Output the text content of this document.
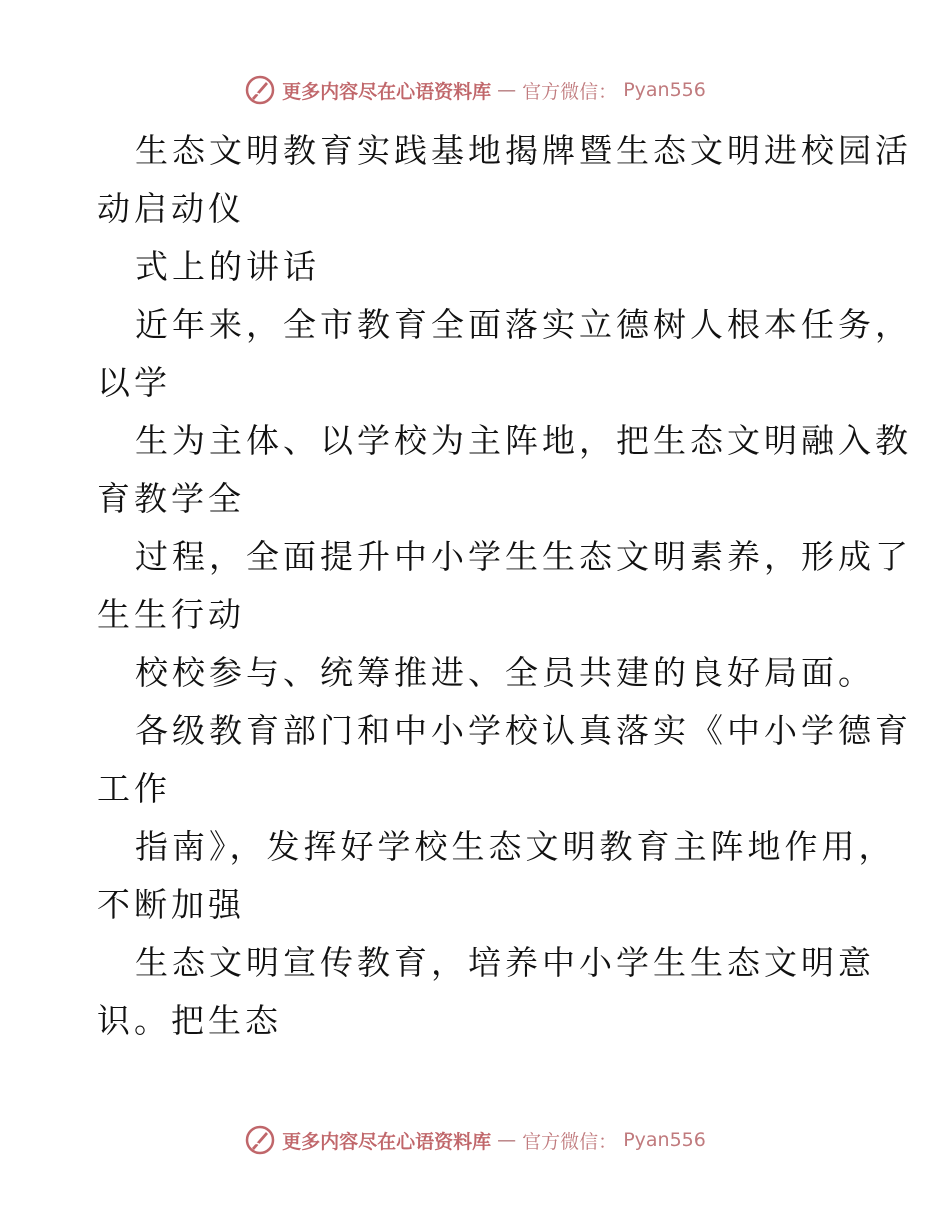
更多内容尽在心语资料库 — 官方微信： Pyan556
生态文明教育实践基地揭牌暨生态文明进校园活
动启动仪
式上的讲话
近年来，全市教育全面落实立德树人根本任务，
以学
生为主体、以学校为主阵地，把生态文明融入教
育教学全
过程，全面提升中小学生生态文明素养，形成了
生生行动
校校参与、统筹推进、全员共建的良好局面。
各级教育部门和中小学校认真落实《中小学德育
工作
指南》，发挥好学校生态文明教育主阵地作用，
不断加强
生态文明宣传教育，培养中小学生生态文明意
识。把生态
更多内容尽在心语资料库 — 官方微信： Pyan556
